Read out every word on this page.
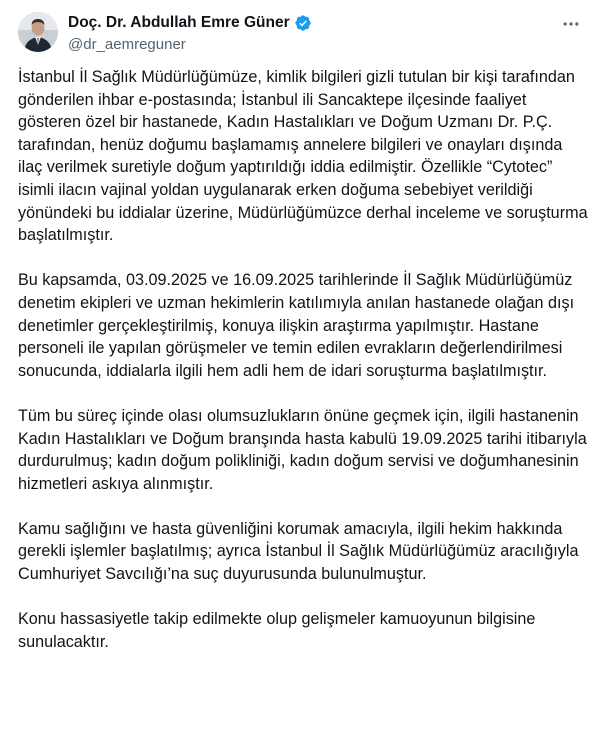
Doç. Dr. Abdullah Emre Güner
@dr_aemreguner

İstanbul İl Sağlık Müdürlüğümüze, kimlik bilgileri gizli tutulan bir kişi tarafından gönderilen ihbar e-postasında; İstanbul ili Sancaktepe ilçesinde faaliyet gösteren özel bir hastanede, Kadın Hastalıkları ve Doğum Uzmanı Dr. P.Ç. tarafından, henüz doğumu başlamamış annelere bilgileri ve onayları dışında ilaç verilmek suretiyle doğum yaptırıldığı iddia edilmiştir. Özellikle “Cytotec” isimli ilacın vajinal yoldan uygulanarak erken doğuma sebebiyet verildiği yönündeki bu iddialar üzerine, Müdürlüğümüzce derhal inceleme ve soruşturma başlatılmıştır.

Bu kapsamda, 03.09.2025 ve 16.09.2025 tarihlerinde İl Sağlık Müdürlüğümüz denetim ekipleri ve uzman hekimlerin katılımıyla anılan hastanede olağan dışı denetimler gerçekleştirilmiş, konuya ilişkin araştırma yapılmıştır. Hastane personeli ile yapılan görüşmeler ve temin edilen evrakların değerlendirilmesi sonucunda, iddialarla ilgili hem adli hem de idari soruşturma başlatılmıştır.

Tüm bu süreç içinde olası olumsuzlukların önüne geçmek için, ilgili hastanenin Kadın Hastalıkları ve Doğum branşında hasta kabulü 19.09.2025 tarihi itibarıyla durdurulmuş; kadın doğum polikliniği, kadın doğum servisi ve doğumhanesinin hizmetleri askıya alınmıştır.

Kamu sağlığını ve hasta güvenliğini korumak amacıyla, ilgili hekim hakkında gerekli işlemler başlatılmış; ayrıca İstanbul İl Sağlık Müdürlüğümüz aracılığıyla Cumhuriyet Savcılığı’na suç duyurusunda bulunulmuştur.

Konu hassasiyetle takip edilmekte olup gelişmeler kamuoyunun bilgisine sunulacaktır.
